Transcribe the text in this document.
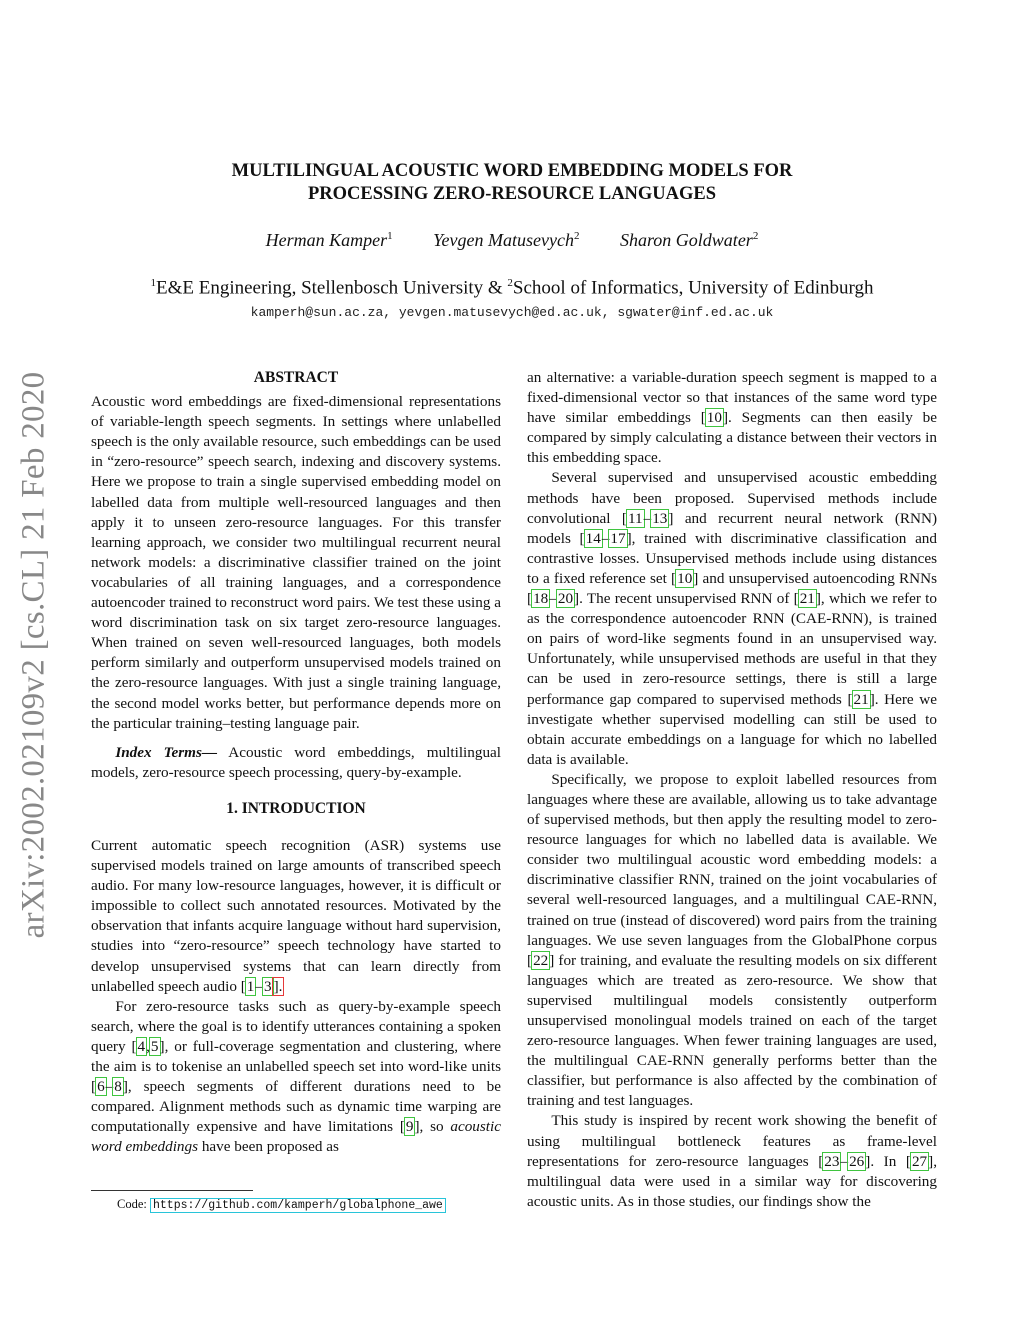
arXiv:2002.02109v2 [cs.CL] 21 Feb 2020
MULTILINGUAL ACOUSTIC WORD EMBEDDING MODELS FOR
PROCESSING ZERO-RESOURCE LANGUAGES
Herman Kamper$^1$ Yevgen Matusevych$^2$ Sharon Goldwater$^2$
$^1$E&E Engineering, Stellenbosch University & $^2$School of Informatics, University of Edinburgh
kamperh@sun.ac.za, yevgen.matusevych@ed.ac.uk, sgwater@inf.ed.ac.uk
ABSTRACT

Acoustic word embeddings are fixed-dimensional representations of variable-length speech segments. In settings where unlabelled speech is the only available resource, such embeddings can be used in “zero-resource” speech search, indexing and discovery systems. Here we propose to train a single supervised embedding model on labelled data from multiple well-resourced languages and then apply it to unseen zero-resource languages. For this transfer learning approach, we consider two multilingual recurrent neural network models: a discriminative classifier trained on the joint vocabularies of all training languages, and a correspondence autoencoder trained to reconstruct word pairs. We test these using a word discrimination task on six target zero-resource languages. When trained on seven well-resourced languages, both models perform similarly and outperform unsupervised models trained on the zero-resource languages. With just a single training language, the second model works better, but performance depends more on the particular training–testing language pair.

Index Terms— Acoustic word embeddings, multilingual models, zero-resource speech processing, query-by-example.

1. INTRODUCTION

Current automatic speech recognition (ASR) systems use supervised models trained on large amounts of transcribed speech audio. For many low-resource languages, however, it is difficult or impossible to collect such annotated resources. Motivated by the observation that infants acquire language without hard supervision, studies into “zero-resource” speech technology have started to develop unsupervised systems that can learn directly from unlabelled speech audio [1–3 ].

For zero-resource tasks such as query-by-example speech search, where the goal is to identify utterances containing a spoken query [4,5], or full-coverage segmentation and clustering, where the aim is to tokenise an unlabelled speech set into word-like units [6–8], speech segments of different durations need to be compared. Alignment methods such as dynamic time warping are computationally expensive and have limitations [9], so acoustic word embeddings have been proposed as

an alternative: a variable-duration speech segment is mapped to a fixed-dimensional vector so that instances of the same word type have similar embeddings [10]. Segments can then easily be compared by simply calculating a distance between their vectors in this embedding space.

Several supervised and unsupervised acoustic embedding methods have been proposed. Supervised methods include convolutional [11–13] and recurrent neural network (RNN) models [14–17], trained with discriminative classification and contrastive losses. Unsupervised methods include using distances to a fixed reference set [10] and unsupervised autoencoding RNNs [18–20]. The recent unsupervised RNN of [21], which we refer to as the correspondence autoencoder RNN (CAE-RNN), is trained on pairs of word-like segments found in an unsupervised way. Unfortunately, while unsupervised methods are useful in that they can be used in zero-resource settings, there is still a large performance gap compared to supervised methods [21]. Here we investigate whether supervised modelling can still be used to obtain accurate embeddings on a language for which no labelled data is available.

Specifically, we propose to exploit labelled resources from languages where these are available, allowing us to take advantage of supervised methods, but then apply the resulting model to zero-resource languages for which no labelled data is available. We consider two multilingual acoustic word embedding models: a discriminative classifier RNN, trained on the joint vocabularies of several well-resourced languages, and a multilingual CAE-RNN, trained on true (instead of discovered) word pairs from the training languages. We use seven languages from the GlobalPhone corpus [22] for training, and evaluate the resulting models on six different languages which are treated as zero-resource. We show that supervised multilingual models consistently outperform unsupervised monolingual models trained on each of the target zero-resource languages. When fewer training languages are used, the multilingual CAE-RNN generally performs better than the classifier, but performance is also affected by the combination of training and test languages.

This study is inspired by recent work showing the benefit of using multilingual bottleneck features as frame-level representations for zero-resource languages [23–26]. In [27], multilingual data were used in a similar way for discovering acoustic units. As in those studies, our findings show the

Code: https://github.com/kamperh/globalphone_awe
